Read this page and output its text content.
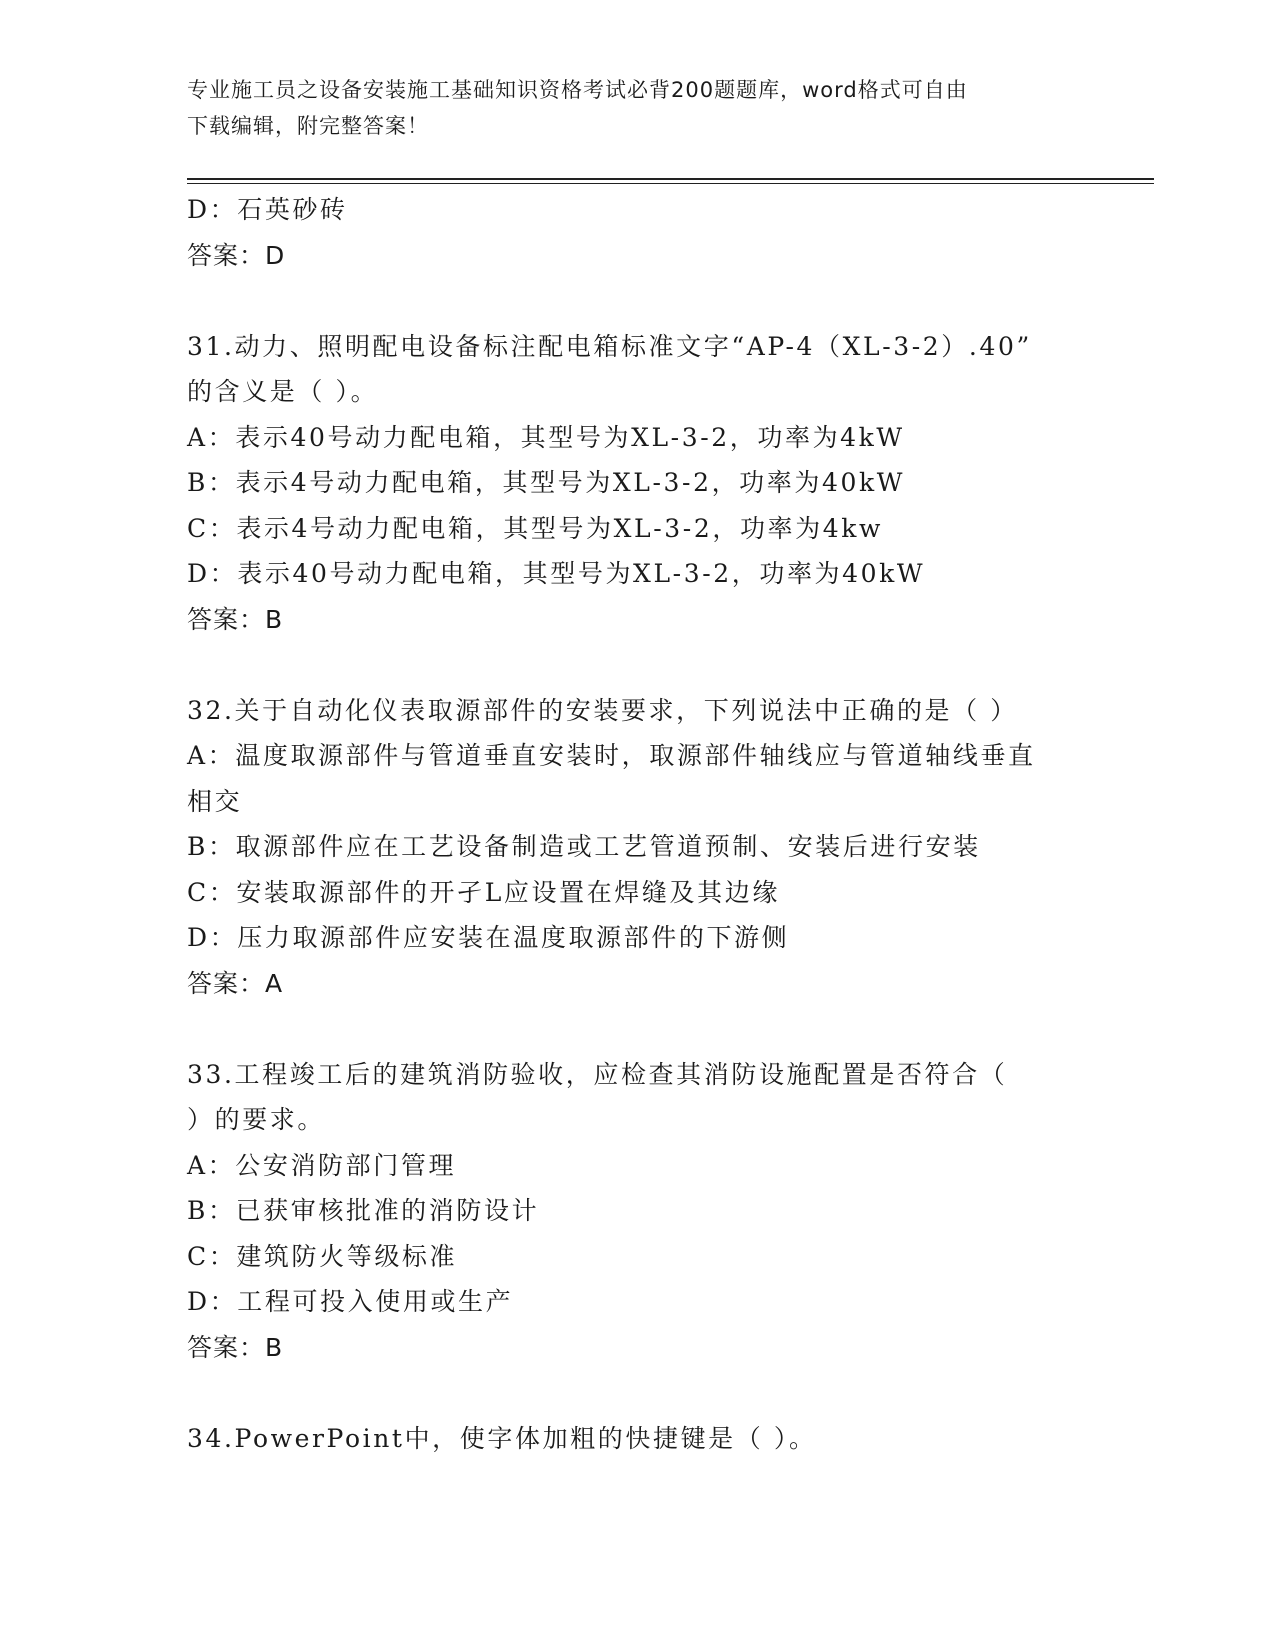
专业施工员之设备安装施工基础知识资格考试必背200题题库，word格式可自由
下载编辑，附完整答案！
D：石英砂砖
答案：D
31.动力、照明配电设备标注配电箱标准文字“AP-4（XL-3-2）.40”
的含义是（ ）。
A：表示40号动力配电箱，其型号为XL-3-2，功率为4kW
B：表示4号动力配电箱，其型号为XL-3-2，功率为40kW
C：表示4号动力配电箱，其型号为XL-3-2，功率为4kw
D：表示40号动力配电箱，其型号为XL-3-2，功率为40kW
答案：B
32.关于自动化仪表取源部件的安装要求，下列说法中正确的是（ ）
A：温度取源部件与管道垂直安装时，取源部件轴线应与管道轴线垂直
相交
B：取源部件应在工艺设备制造或工艺管道预制、安装后进行安装
C：安装取源部件的开孑L应设置在焊缝及其边缘
D：压力取源部件应安装在温度取源部件的下游侧
答案：A
33.工程竣工后的建筑消防验收，应检查其消防设施配置是否符合（
）的要求。
A：公安消防部门管理
B：已获审核批准的消防设计
C：建筑防火等级标准
D：工程可投入使用或生产
答案：B
34.PowerPoint中，使字体加粗的快捷键是（ ）。
